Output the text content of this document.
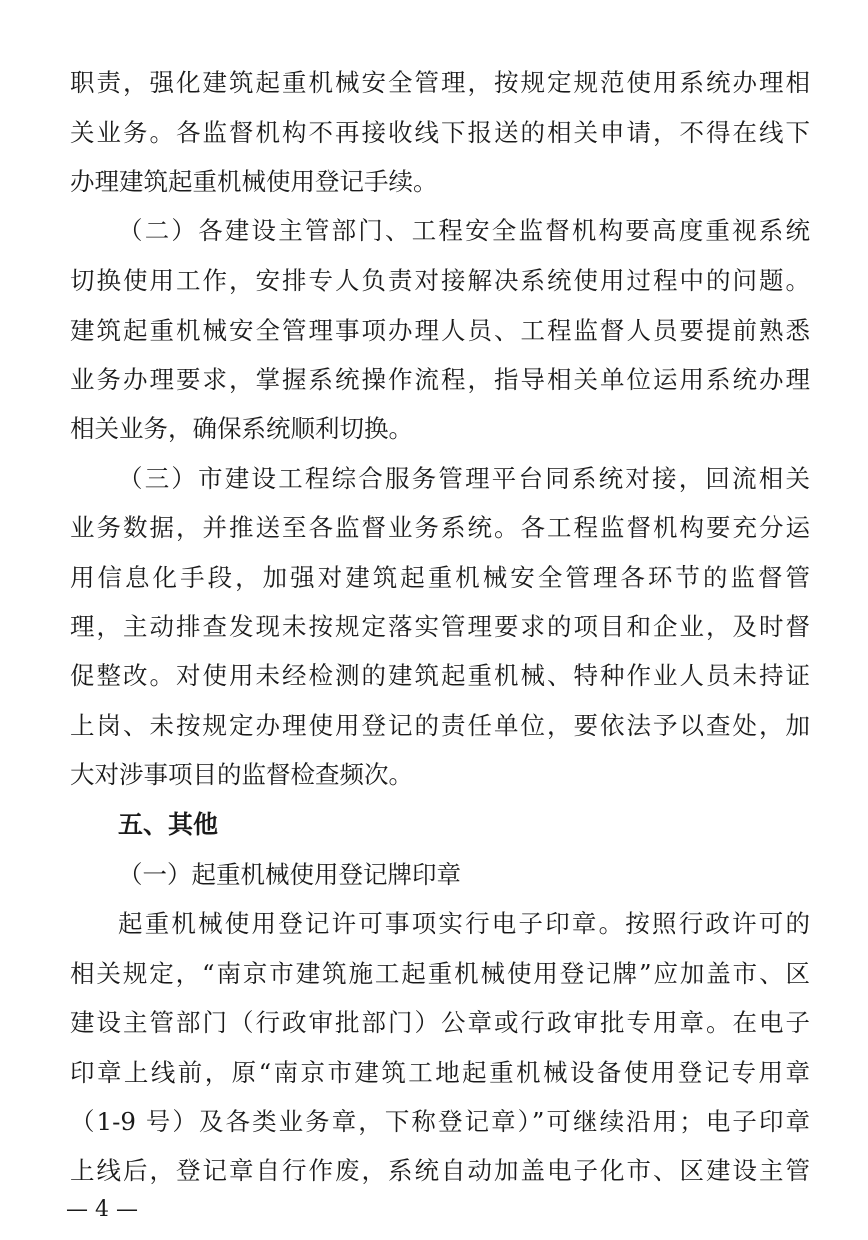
职责，强化建筑起重机械安全管理，按规定规范使用系统办理相
关业务。各监督机构不再接收线下报送的相关申请，不得在线下
办理建筑起重机械使用登记手续。
（二）各建设主管部门、工程安全监督机构要高度重视系统
切换使用工作，安排专人负责对接解决系统使用过程中的问题。
建筑起重机械安全管理事项办理人员、工程监督人员要提前熟悉
业务办理要求，掌握系统操作流程，指导相关单位运用系统办理
相关业务，确保系统顺利切换。
（三）市建设工程综合服务管理平台同系统对接，回流相关
业务数据，并推送至各监督业务系统。各工程监督机构要充分运
用信息化手段，加强对建筑起重机械安全管理各环节的监督管
理，主动排查发现未按规定落实管理要求的项目和企业，及时督
促整改。对使用未经检测的建筑起重机械、特种作业人员未持证
上岗、未按规定办理使用登记的责任单位，要依法予以查处，加
大对涉事项目的监督检查频次。
五、其他
（一）起重机械使用登记牌印章
起重机械使用登记许可事项实行电子印章。按照行政许可的
相关规定，“南京市建筑施工起重机械使用登记牌”应加盖市、区
建设主管部门（行政审批部门）公章或行政审批专用章。在电子
印章上线前，原“南京市建筑工地起重机械设备使用登记专用章
（1-9 号）及各类业务章，下称登记章）”可继续沿用；电子印章
上线后，登记章自行作废，系统自动加盖电子化市、区建设主管
— 4 —
